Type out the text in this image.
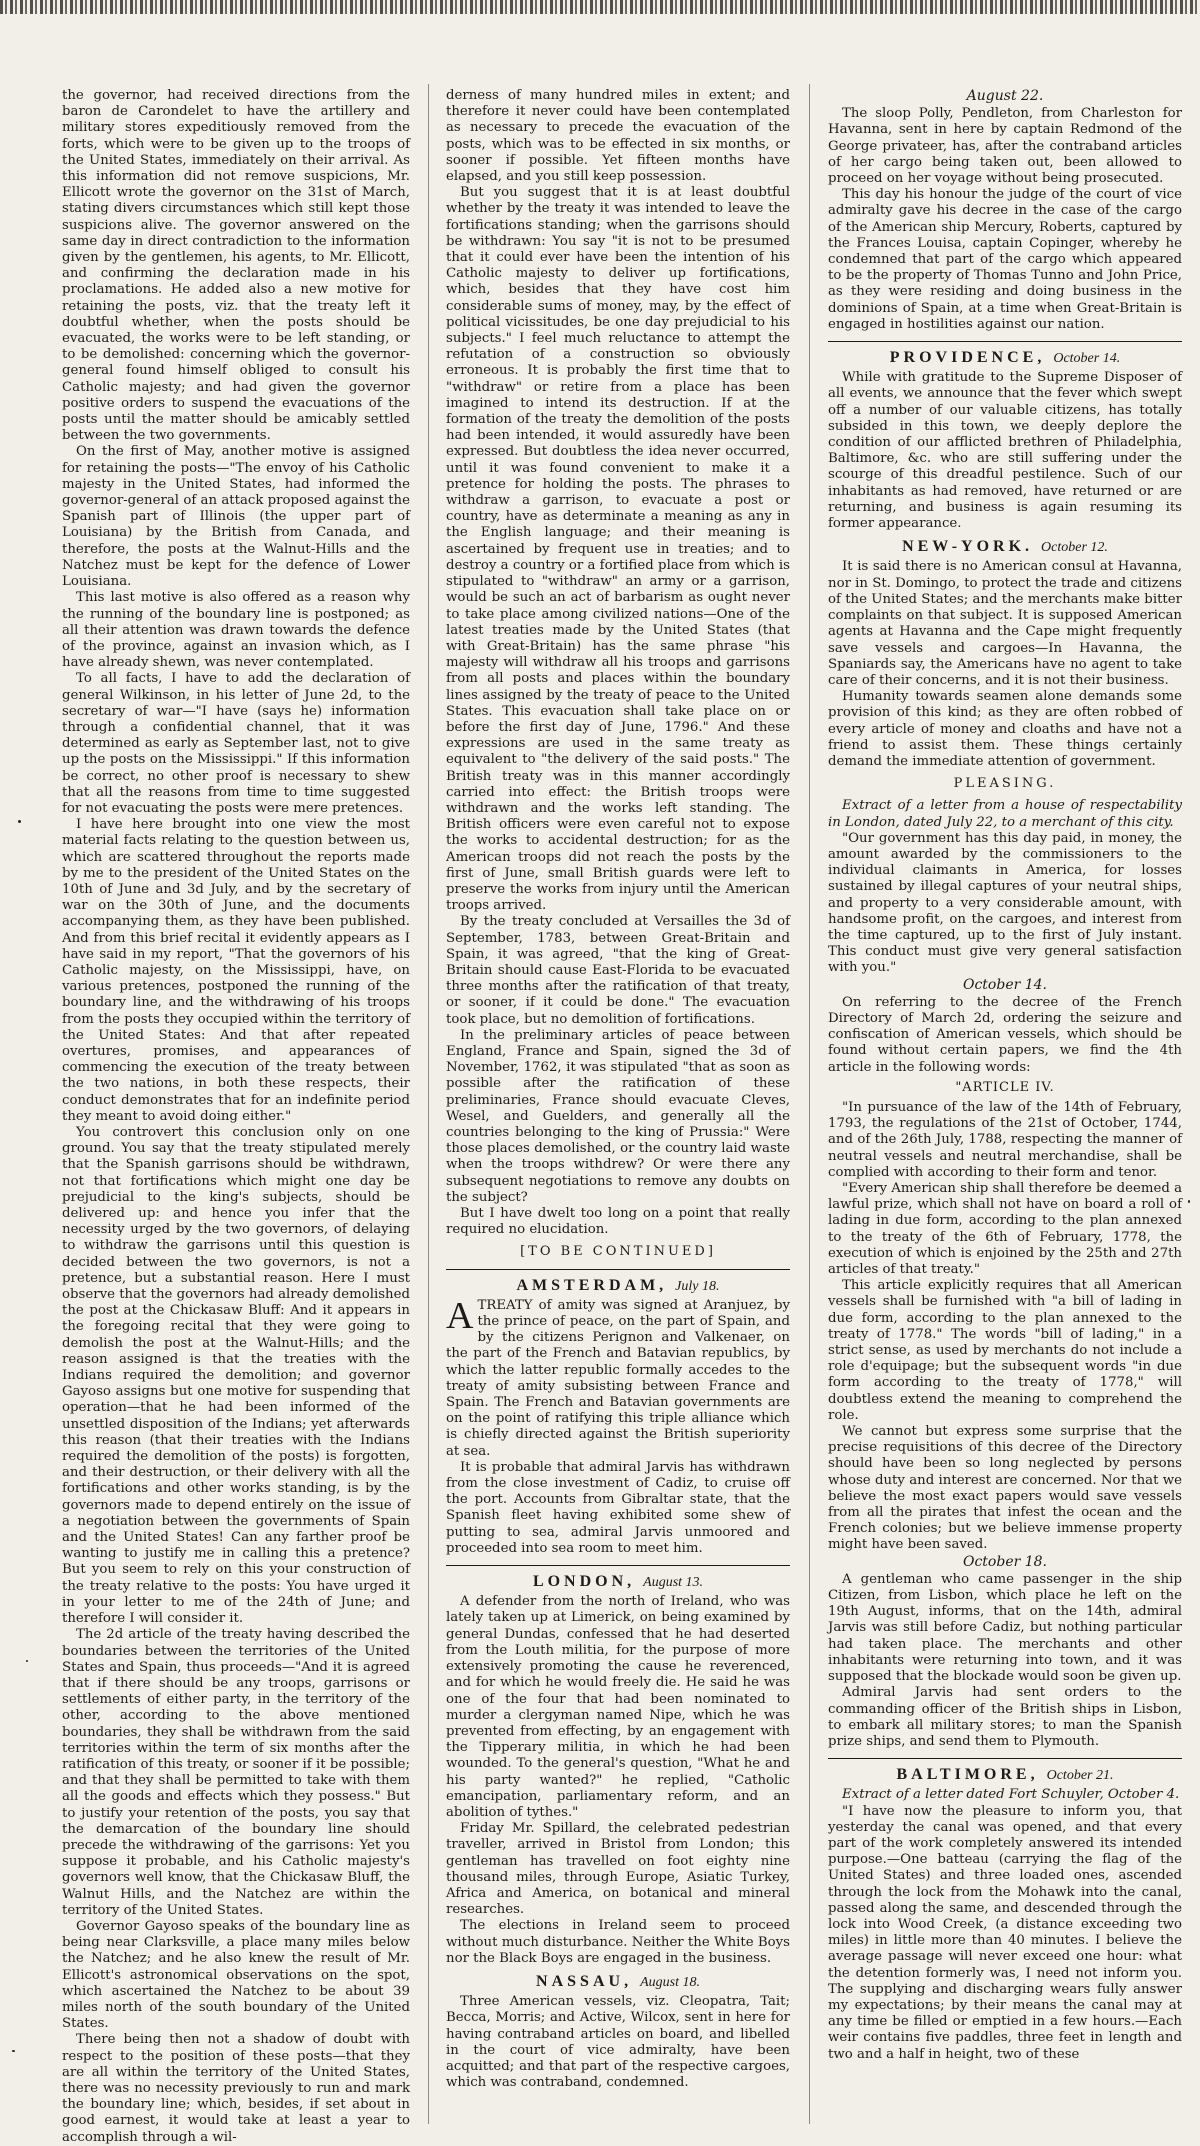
the governor, had received directions from the baron de Carondelet to have the artillery and military stores expeditiously removed from the forts, which were to be given up to the troops of the United States, immediately on their arrival. As this information did not remove suspicions, Mr. Ellicott wrote the governor on the 31st of March, stating divers circumstances which still kept those suspicions alive. The governor answered on the same day in direct contradiction to the information given by the gentlemen, his agents, to Mr. Ellicott, and confirming the declaration made in his proclamations. He added also a new motive for retaining the posts, viz. that the treaty left it doubtful whether, when the posts should be evacuated, the works were to be left standing, or to be demolished: concerning which the governor-general found himself obliged to consult his Catholic majesty; and had given the governor positive orders to suspend the evacuations of the posts until the matter should be amicably settled between the two governments.

On the first of May, another motive is assigned for retaining the posts—"The envoy of his Catholic majesty in the United States, had informed the governor-general of an attack proposed against the Spanish part of Illinois (the upper part of Louisiana) by the British from Canada, and therefore, the posts at the Walnut-Hills and the Natchez must be kept for the defence of Lower Louisiana.

This last motive is also offered as a reason why the running of the boundary line is postponed; as all their attention was drawn towards the defence of the province, against an invasion which, as I have already shewn, was never contemplated.

To all facts, I have to add the declaration of general Wilkinson, in his letter of June 2d, to the secretary of war—"I have (says he) information through a confidential channel, that it was determined as early as September last, not to give up the posts on the Mississippi." If this information be correct, no other proof is necessary to shew that all the reasons from time to time suggested for not evacuating the posts were mere pretences.

I have here brought into one view the most material facts relating to the question between us, which are scattered throughout the reports made by me to the president of the United States on the 10th of June and 3d July, and by the secretary of war on the 30th of June, and the documents accompanying them, as they have been published. And from this brief recital it evidently appears as I have said in my report, "That the governors of his Catholic majesty, on the Mississippi, have, on various pretences, postponed the running of the boundary line, and the withdrawing of his troops from the posts they occupied within the territory of the United States: And that after repeated overtures, promises, and appearances of commencing the execution of the treaty between the two nations, in both these respects, their conduct demonstrates that for an indefinite period they meant to avoid doing either."

You controvert this conclusion only on one ground. You say that the treaty stipulated merely that the Spanish garrisons should be withdrawn, not that fortifications which might one day be prejudicial to the king's subjects, should be delivered up: and hence you infer that the necessity urged by the two governors, of delaying to withdraw the garrisons until this question is decided between the two governors, is not a pretence, but a substantial reason. Here I must observe that the governors had already demolished the post at the Chickasaw Bluff: And it appears in the foregoing recital that they were going to demolish the post at the Walnut-Hills; and the reason assigned is that the treaties with the Indians required the demolition; and governor Gayoso assigns but one motive for suspending that operation—that he had been informed of the unsettled disposition of the Indians; yet afterwards this reason (that their treaties with the Indians required the demolition of the posts) is forgotten, and their destruction, or their delivery with all the fortifications and other works standing, is by the governors made to depend entirely on the issue of a negotiation between the governments of Spain and the United States! Can any farther proof be wanting to justify me in calling this a pretence? But you seem to rely on this your construction of the treaty relative to the posts: You have urged it in your letter to me of the 24th of June; and therefore I will consider it.

The 2d article of the treaty having described the boundaries between the territories of the United States and Spain, thus proceeds—"And it is agreed that if there should be any troops, garrisons or settlements of either party, in the territory of the other, according to the above mentioned boundaries, they shall be withdrawn from the said territories within the term of six months after the ratification of this treaty, or sooner if it be possible; and that they shall be permitted to take with them all the goods and effects which they possess." But to justify your retention of the posts, you say that the demarcation of the boundary line should precede the withdrawing of the garrisons: Yet you suppose it probable, and his Catholic majesty's governors well know, that the Chickasaw Bluff, the Walnut Hills, and the Natchez are within the territory of the United States.

Governor Gayoso speaks of the boundary line as being near Clarksville, a place many miles below the Natchez; and he also knew the result of Mr. Ellicott's astronomical observations on the spot, which ascertained the Natchez to be about 39 miles north of the south boundary of the United States.

There being then not a shadow of doubt with respect to the position of these posts—that they are all within the territory of the United States, there was no necessity previously to run and mark the boundary line; which, besides, if set about in good earnest, it would take at least a year to accomplish through a wil-

derness of many hundred miles in extent; and therefore it never could have been contemplated as necessary to precede the evacuation of the posts, which was to be effected in six months, or sooner if possible. Yet fifteen months have elapsed, and you still keep possession.

But you suggest that it is at least doubtful whether by the treaty it was intended to leave the fortifications standing; when the garrisons should be withdrawn: You say "it is not to be presumed that it could ever have been the intention of his Catholic majesty to deliver up fortifications, which, besides that they have cost him considerable sums of money, may, by the effect of political vicissitudes, be one day prejudicial to his subjects." I feel much reluctance to attempt the refutation of a construction so obviously erroneous. It is probably the first time that to "withdraw" or retire from a place has been imagined to intend its destruction. If at the formation of the treaty the demolition of the posts had been intended, it would assuredly have been expressed. But doubtless the idea never occurred, until it was found convenient to make it a pretence for holding the posts. The phrases to withdraw a garrison, to evacuate a post or country, have as determinate a meaning as any in the English language; and their meaning is ascertained by frequent use in treaties; and to destroy a country or a fortified place from which is stipulated to "withdraw" an army or a garrison, would be such an act of barbarism as ought never to take place among civilized nations—One of the latest treaties made by the United States (that with Great-Britain) has the same phrase "his majesty will withdraw all his troops and garrisons from all posts and places within the boundary lines assigned by the treaty of peace to the United States. This evacuation shall take place on or before the first day of June, 1796." And these expressions are used in the same treaty as equivalent to "the delivery of the said posts." The British treaty was in this manner accordingly carried into effect: the British troops were withdrawn and the works left standing. The British officers were even careful not to expose the works to accidental destruction; for as the American troops did not reach the posts by the first of June, small British guards were left to preserve the works from injury until the American troops arrived.

By the treaty concluded at Versailles the 3d of September, 1783, between Great-Britain and Spain, it was agreed, "that the king of Great-Britain should cause East-Florida to be evacuated three months after the ratification of that treaty, or sooner, if it could be done." The evacuation took place, but no demolition of fortifications.

In the preliminary articles of peace between England, France and Spain, signed the 3d of November, 1762, it was stipulated "that as soon as possible after the ratification of these preliminaries, France should evacuate Cleves, Wesel, and Guelders, and generally all the countries belonging to the king of Prussia:" Were those places demolished, or the country laid waste when the troops withdrew? Or were there any subsequent negotiations to remove any doubts on the subject?

But I have dwelt too long on a point that really required no elucidation.

[TO BE CONTINUED]
AMSTERDAM, July 18.

ATREATY of amity was signed at Aranjuez, by the prince of peace, on the part of Spain, and by the citizens Perignon and Valkenaer, on the part of the French and Batavian republics, by which the latter republic formally accedes to the treaty of amity subsisting between France and Spain. The French and Batavian governments are on the point of ratifying this triple alliance which is chiefly directed against the British superiority at sea.

It is probable that admiral Jarvis has withdrawn from the close investment of Cadiz, to cruise off the port. Accounts from Gibraltar state, that the Spanish fleet having exhibited some shew of putting to sea, admiral Jarvis unmoored and proceeded into sea room to meet him.

LONDON, August 13.

A defender from the north of Ireland, who was lately taken up at Limerick, on being examined by general Dundas, confessed that he had deserted from the Louth militia, for the purpose of more extensively promoting the cause he reverenced, and for which he would freely die. He said he was one of the four that had been nominated to murder a clergyman named Nipe, which he was prevented from effecting, by an engagement with the Tipperary militia, in which he had been wounded. To the general's question, "What he and his party wanted?" he replied, "Catholic emancipation, parliamentary reform, and an abolition of tythes."

Friday Mr. Spillard, the celebrated pedestrian traveller, arrived in Bristol from London; this gentleman has travelled on foot eighty nine thousand miles, through Europe, Asiatic Turkey, Africa and America, on botanical and mineral researches.

The elections in Ireland seem to proceed without much disturbance. Neither the White Boys nor the Black Boys are engaged in the business.

NASSAU, August 18.

Three American vessels, viz. Cleopatra, Tait; Becca, Morris; and Active, Wilcox, sent in here for having contraband articles on board, and libelled in the court of vice admiralty, have been acquitted; and that part of the respective cargoes, which was contraband, condemned.

August 22.

The sloop Polly, Pendleton, from Charleston for Havanna, sent in here by captain Redmond of the George privateer, has, after the contraband articles of her cargo being taken out, been allowed to proceed on her voyage without being prosecuted.

This day his honour the judge of the court of vice admiralty gave his decree in the case of the cargo of the American ship Mercury, Roberts, captured by the Frances Louisa, captain Copinger, whereby he condemned that part of the cargo which appeared to be the property of Thomas Tunno and John Price, as they were residing and doing business in the dominions of Spain, at a time when Great-Britain is engaged in hostilities against our nation.

PROVIDENCE, October 14.

While with gratitude to the Supreme Disposer of all events, we announce that the fever which swept off a number of our valuable citizens, has totally subsided in this town, we deeply deplore the condition of our afflicted brethren of Philadelphia, Baltimore, &c. who are still suffering under the scourge of this dreadful pestilence. Such of our inhabitants as had removed, have returned or are returning, and business is again resuming its former appearance.

NEW-YORK. October 12.

It is said there is no American consul at Havanna, nor in St. Domingo, to protect the trade and citizens of the United States; and the merchants make bitter complaints on that subject. It is supposed American agents at Havanna and the Cape might frequently save vessels and cargoes—In Havanna, the Spaniards say, the Americans have no agent to take care of their concerns, and it is not their business.

Humanity towards seamen alone demands some provision of this kind; as they are often robbed of every article of money and cloaths and have not a friend to assist them. These things certainly demand the immediate attention of government.

PLEASING.

Extract of a letter from a house of respectability in London, dated July 22, to a merchant of this city.

"Our government has this day paid, in money, the amount awarded by the commissioners to the individual claimants in America, for losses sustained by illegal captures of your neutral ships, and property to a very considerable amount, with handsome profit, on the cargoes, and interest from the time captured, up to the first of July instant. This conduct must give very general satisfaction with you."

October 14.

On referring to the decree of the French Directory of March 2d, ordering the seizure and confiscation of American vessels, which should be found without certain papers, we find the 4th article in the following words:

"ARTICLE IV.

"In pursuance of the law of the 14th of February, 1793, the regulations of the 21st of October, 1744, and of the 26th July, 1788, respecting the manner of neutral vessels and neutral merchandise, shall be complied with according to their form and tenor.

"Every American ship shall therefore be deemed a lawful prize, which shall not have on board a roll of lading in due form, according to the plan annexed to the treaty of the 6th of February, 1778, the execution of which is enjoined by the 25th and 27th articles of that treaty."

This article explicitly requires that all American vessels shall be furnished with "a bill of lading in due form, according to the plan annexed to the treaty of 1778." The words "bill of lading," in a strict sense, as used by merchants do not include a role d'equipage; but the subsequent words "in due form according to the treaty of 1778," will doubtless extend the meaning to comprehend the role.

We cannot but express some surprise that the precise requisitions of this decree of the Directory should have been so long neglected by persons whose duty and interest are concerned. Nor that we believe the most exact papers would save vessels from all the pirates that infest the ocean and the French colonies; but we believe immense property might have been saved.

October 18.

A gentleman who came passenger in the ship Citizen, from Lisbon, which place he left on the 19th August, informs, that on the 14th, admiral Jarvis was still before Cadiz, but nothing particular had taken place. The merchants and other inhabitants were returning into town, and it was supposed that the blockade would soon be given up.

Admiral Jarvis had sent orders to the commanding officer of the British ships in Lisbon, to embark all military stores; to man the Spanish prize ships, and send them to Plymouth.

BALTIMORE, October 21.

Extract of a letter dated Fort Schuyler, October 4.

"I have now the pleasure to inform you, that yesterday the canal was opened, and that every part of the work completely answered its intended purpose.—One batteau (carrying the flag of the United States) and three loaded ones, ascended through the lock from the Mohawk into the canal, passed along the same, and descended through the lock into Wood Creek, (a distance exceeding two miles) in little more than 40 minutes. I believe the average passage will never exceed one hour: what the detention formerly was, I need not inform you. The supplying and discharging wears fully answer my expectations; by their means the canal may at any time be filled or emptied in a few hours.—Each weir contains five paddles, three feet in length and two and a half in height, two of these
